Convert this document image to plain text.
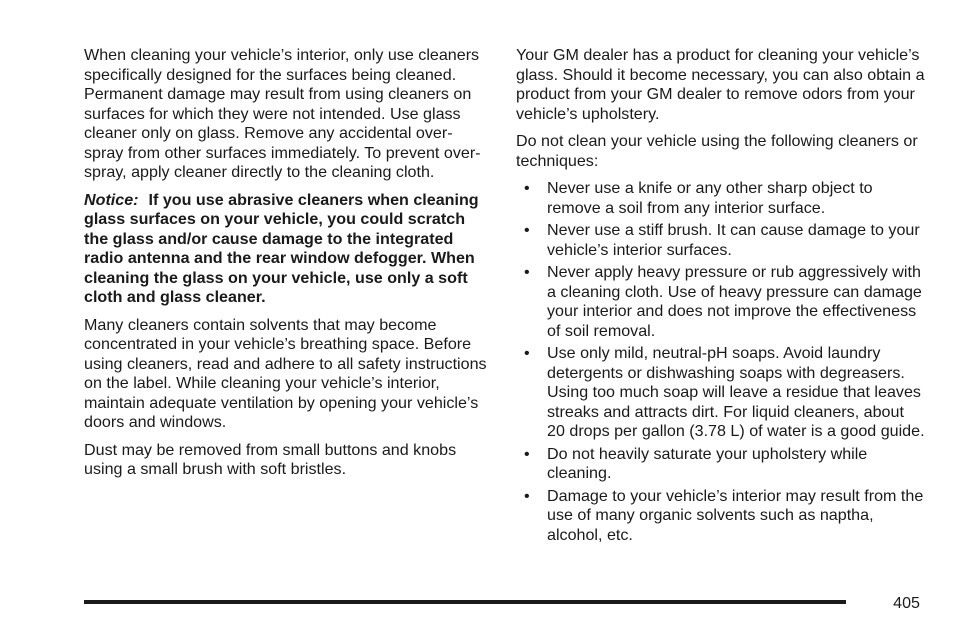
When cleaning your vehicle’s interior, only use cleaners specifically designed for the surfaces being cleaned. Permanent damage may result from using cleaners on surfaces for which they were not intended. Use glass cleaner only on glass. Remove any accidental over-spray from other surfaces immediately. To prevent over-spray, apply cleaner directly to the cleaning cloth.

Notice: If you use abrasive cleaners when cleaning glass surfaces on your vehicle, you could scratch the glass and/or cause damage to the integrated radio antenna and the rear window defogger. When cleaning the glass on your vehicle, use only a soft cloth and glass cleaner.

Many cleaners contain solvents that may become concentrated in your vehicle’s breathing space. Before using cleaners, read and adhere to all safety instructions on the label. While cleaning your vehicle’s interior, maintain adequate ventilation by opening your vehicle’s doors and windows.

Dust may be removed from small buttons and knobs using a small brush with soft bristles.

Your GM dealer has a product for cleaning your vehicle’s glass. Should it become necessary, you can also obtain a product from your GM dealer to remove odors from your vehicle’s upholstery.

Do not clean your vehicle using the following cleaners or techniques:

• Never use a knife or any other sharp object to remove a soil from any interior surface.
• Never use a stiff brush. It can cause damage to your vehicle’s interior surfaces.
• Never apply heavy pressure or rub aggressively with a cleaning cloth. Use of heavy pressure can damage your interior and does not improve the effectiveness of soil removal.
• Use only mild, neutral-pH soaps. Avoid laundry detergents or dishwashing soaps with degreasers. Using too much soap will leave a residue that leaves streaks and attracts dirt. For liquid cleaners, about 20 drops per gallon (3.78 L) of water is a good guide.
• Do not heavily saturate your upholstery while cleaning.
• Damage to your vehicle’s interior may result from the use of many organic solvents such as naptha, alcohol, etc.
405
